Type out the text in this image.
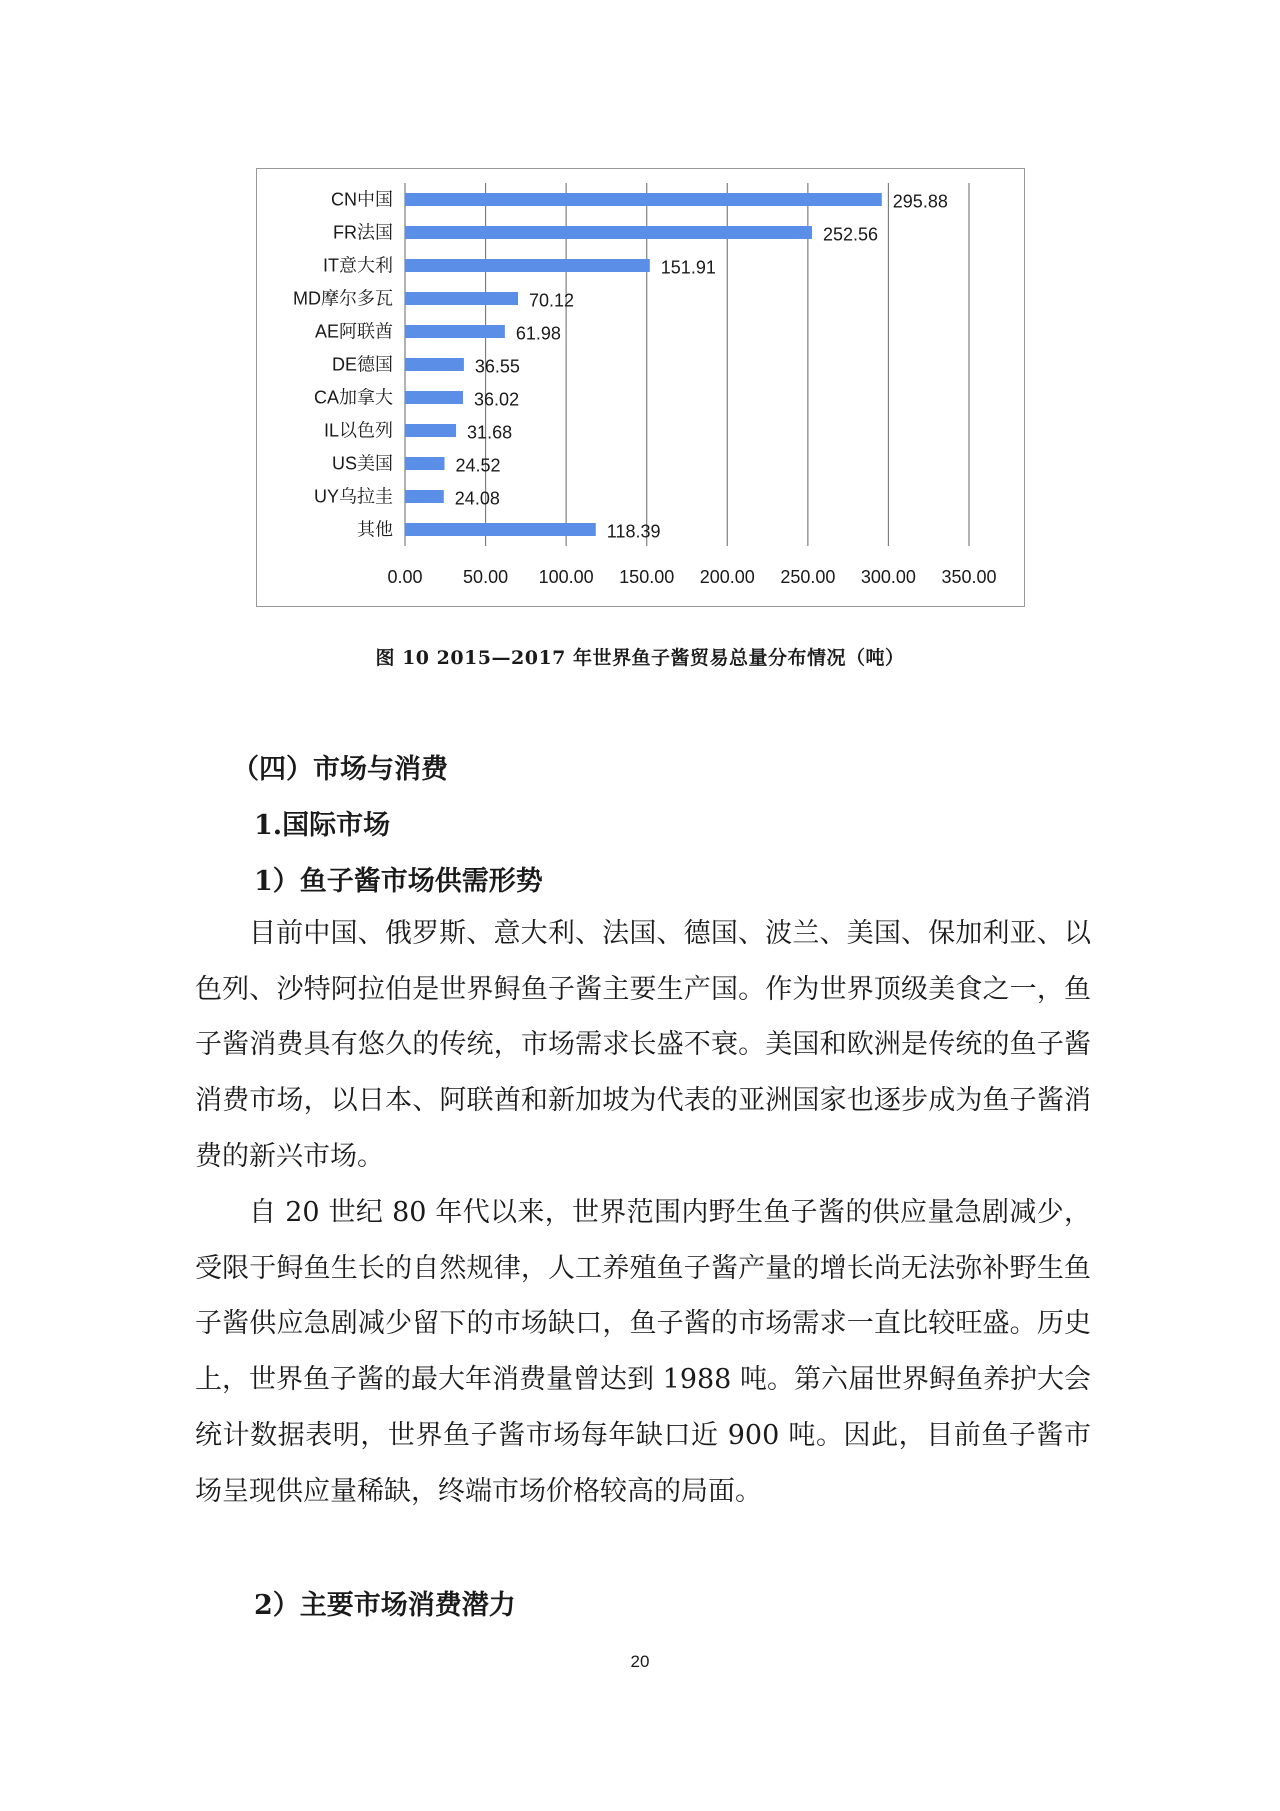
0.00 50.00 100.00 150.00 200.00 250.00 300.00 350.00
CN中国	295.88
FR法国	252.56
IT意大利	151.91
MD摩尔多瓦	70.12
AE阿联酋	61.98
DE德国	36.55
CA加拿大	36.02
IL以色列	31.68
US美国	24.52
UY乌拉圭	24.08
其他	118.39
图 10 2015—2017 年世界鱼子酱贸易总量分布情况（吨）
（四）市场与消费
1.国际市场
1）鱼子酱市场供需形势
目前中国、俄罗斯、意大利、法国、德国、波兰、美国、保加利亚、以色列、沙特阿拉伯是世界鲟鱼子酱主要生产国。作为世界顶级美食之一，鱼子酱消费具有悠久的传统，市场需求长盛不衰。美国和欧洲是传统的鱼子酱消费市场，以日本、阿联酋和新加坡为代表的亚洲国家也逐步成为鱼子酱消费的新兴市场。
自 20 世纪 80 年代以来，世界范围内野生鱼子酱的供应量急剧减少，受限于鲟鱼生长的自然规律，人工养殖鱼子酱产量的增长尚无法弥补野生鱼子酱供应急剧减少留下的市场缺口，鱼子酱的市场需求一直比较旺盛。历史上，世界鱼子酱的最大年消费量曾达到 1988 吨。第六届世界鲟鱼养护大会统计数据表明，世界鱼子酱市场每年缺口近 900 吨。因此，目前鱼子酱市场呈现供应量稀缺，终端市场价格较高的局面。
2）主要市场消费潜力
20
